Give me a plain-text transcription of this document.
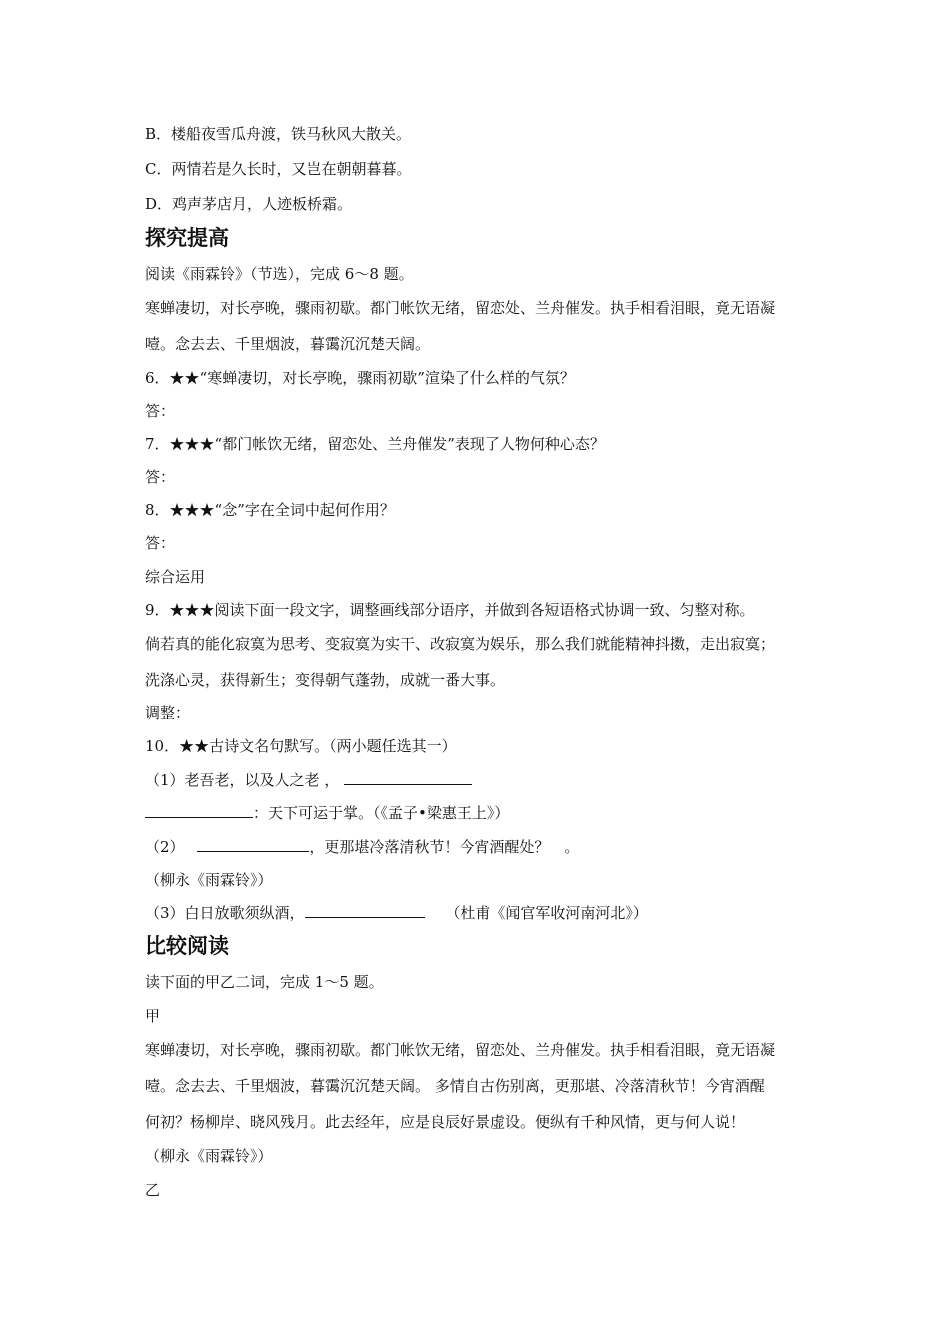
B．楼船夜雪瓜舟渡，铁马秋风大散关。
C．两情若是久长时，又岂在朝朝暮暮。
D．鸡声茅店月，人迹板桥霜。
探究提高
阅读《雨霖铃》（节选），完成 6～8 题。
寒蝉凄切，对长亭晚，骤雨初歇。都门帐饮无绪，留恋处、兰舟催发。执手相看泪眼，竟无语凝
噎。念去去、千里烟波，暮霭沉沉楚天阔。
6．★★“寒蝉凄切，对长亭晚，骤雨初歇”渲染了什么样的气氛？
答：
7．★★★“都门帐饮无绪，留恋处、兰舟催发”表现了人物何种心态？
答：
8．★★★“念”字在全词中起何作用？
答：
综合运用
9．★★★阅读下面一段文字，调整画线部分语序，并做到各短语格式协调一致、匀整对称。
倘若真的能化寂寞为思考、变寂寞为实干、改寂寞为娱乐，那么我们就能精神抖擞，走出寂寞；
洗涤心灵，获得新生；变得朝气蓬勃，成就一番大事。
调整：
10．★★古诗文名句默写。（两小题任选其一）
（1）老吾老，以及人之老 ，
：天下可运于掌。（《孟子•梁惠王上》）
（2）	，更那堪冷落清秋节！今宵酒醒处？　。
（柳永《雨霖铃》）
（3）白日放歌须纵酒，	（杜甫《闻官军收河南河北》）
比较阅读
读下面的甲乙二词，完成 1～5 题。
甲
寒蝉凄切，对长亭晚，骤雨初歇。都门帐饮无绪，留恋处、兰舟催发。执手相看泪眼，竟无语凝
噎。念去去、千里烟波，暮霭沉沉楚天阔。 多情自古伤别离，更那堪、冷落清秋节！今宵酒醒
何初？杨柳岸、晓风残月。此去经年，应是良辰好景虚设。便纵有千种风情，更与何人说！
（柳永《雨霖铃》）
乙
